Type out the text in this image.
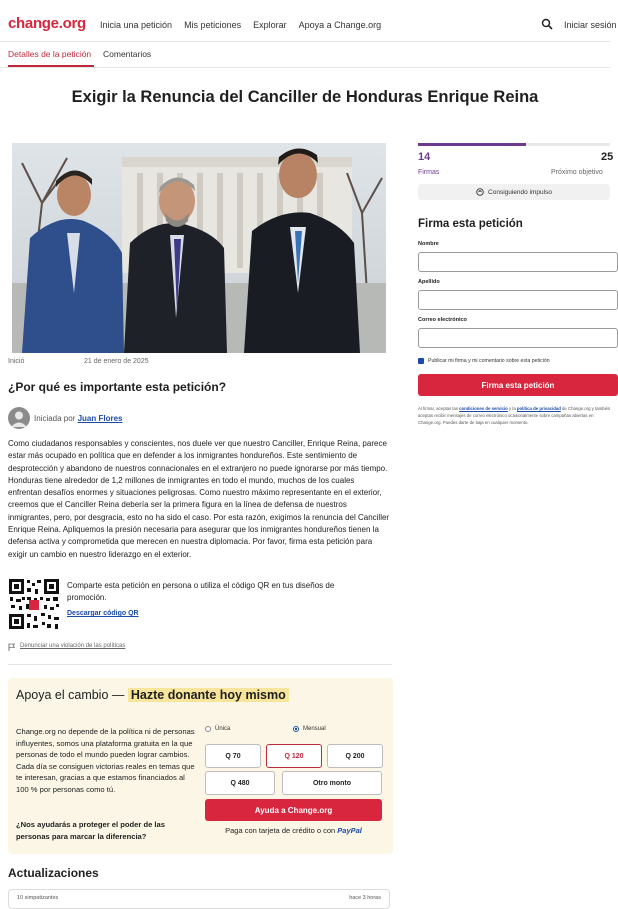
change.org Inicia una petición Mis peticiones Explorar Apoya a Change.org	Iniciar sesión
Detalles de la petición Comentarios
Exigir la Renuncia del Canciller de Honduras Enrique Reina
Inició	21 de enero de 2025
¿Por qué es importante esta petición?
Iniciada por Juan Flores

Como ciudadanos responsables y conscientes, nos duele ver que nuestro Canciller, Enrique Reina, parece estar más ocupado en política que en defender a los inmigrantes hondureños. Este sentimiento de desprotección y abandono de nuestros connacionales en el extranjero no puede ignorarse por más tiempo. Honduras tiene alrededor de 1,2 millones de inmigrantes en todo el mundo, muchos de los cuales enfrentan desafíos enormes y situaciones peligrosas. Como nuestro máximo representante en el exterior, creemos que el Canciller Reina debería ser la primera figura en la línea de defensa de nuestros inmigrantes, pero, por desgracia, esto no ha sido el caso. Por esta razón, exigimos la renuncia del Canciller Enrique Reina. Apliquemos la presión necesaria para asegurar que los inmigrantes hondureños tienen la defensa activa y comprometida que merecen en nuestra diplomacia. Por favor, firma esta petición para exigir un cambio en nuestro liderazgo en el exterior.

Comparte esta petición en persona o utiliza el código QR en tus diseños de promoción.
Descargar código QR
Denunciar una violación de las políticas
Apoya el cambio — Hazte donante hoy mismo

Change.org no depende de la política ni de personas influyentes, somos una plataforma gratuita en la que personas de todo el mundo pueden lograr cambios. Cada día se consiguen victorias reales en temas que te interesan, gracias a que estamos financiados al 100 % por personas como tú.

¿Nos ayudarás a proteger el poder de las personas para marcar la diferencia?

Única	Mensual
Q 70	Q 120	Q 200
Q 480	Otro monto
Ayuda a Change.org
Paga con tarjeta de crédito o con PayPal
Actualizaciones
10 simpatizantes	hace 3 horas
14
Firmas
25
Próximo objetivo
Consiguiendo impulso
Firma esta petición
Nombre
Apellido
Correo electrónico
Publicar mi firma y mi comentario sobre esta petición
Firma esta petición

Al firmar, aceptas las condiciones de servicio y la política de privacidad de Change.org y también aceptas recibir mensajes de correo electrónico ocasionalmente sobre campañas abiertas en Change.org. Puedes darte de baja en cualquier momento.
